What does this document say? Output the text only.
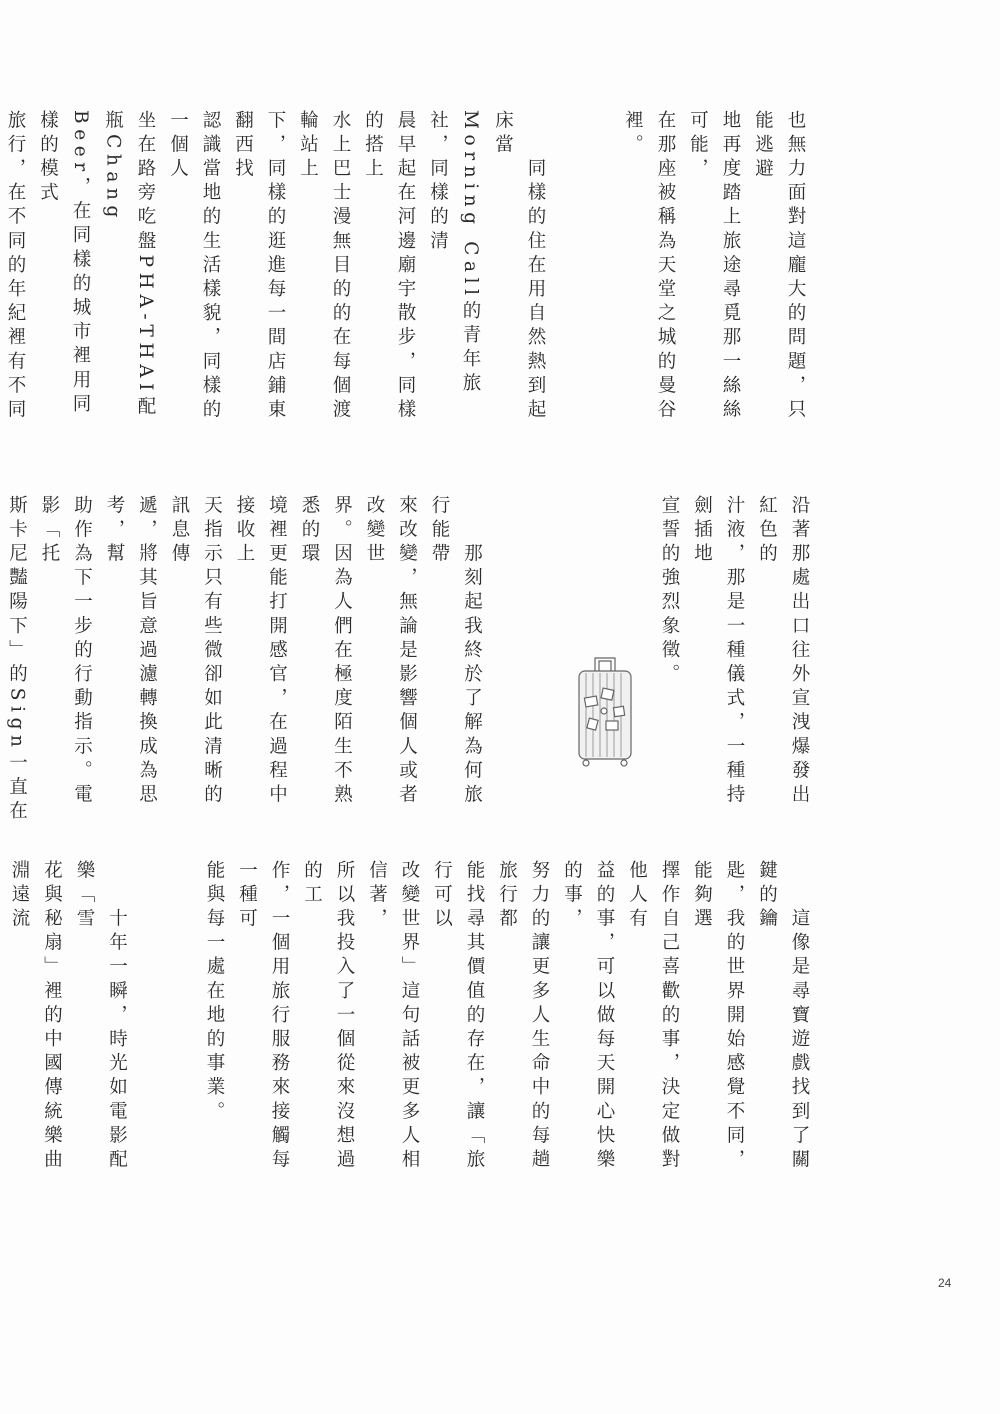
也無力面對這龐大的問題，只能逃避
地再度踏上旅途尋覓那一絲絲可能，
在那座被稱為天堂之城的曼谷裡。

　　同樣的住在用自然熱到起床當
Morning Call的青年旅社，同樣的清
晨早起在河邊廟宇散步，同樣的搭上
水上巴士漫無目的的在每個渡輪站上
下，同樣的逛進每一間店鋪東翻西找
認識當地的生活樣貌，同樣的一個人
坐在路旁吃盤PHA-THAI配瓶Chang
Beer，在同樣的城市裡用同樣的模式
旅行，在不同的年紀裡有不同

沿著那處出口往外宣洩爆發出紅色的
汁液，那是一種儀式，一種持劍插地
宣誓的強烈象徵。

　　那刻起我終於了解為何旅行能帶
來改變，無論是影響個人或者改變世
界。因為人們在極度陌生不熟悉的環
境裡更能打開感官，在過程中接收上
天指示只有些微卻如此清晰的訊息傳
遞，將其旨意過濾轉換成為思考，幫
助作為下一步的行動指示。電影「托
斯卡尼豔陽下」的Sign一直在

　　這像是尋寶遊戲找到了關鍵的鑰
匙，我的世界開始感覺不同，能夠選
擇作自己喜歡的事，決定做對他人有
益的事，可以做每天開心快樂的事，
努力的讓更多人生命中的每趟旅行都
能找尋其價值的存在，讓「旅行可以
改變世界」這句話被更多人相信著，
所以我投入了一個從來沒想過的工
作，一個用旅行服務來接觸每一種可
能與每一處在地的事業。

　　十年一瞬，時光如電影配樂「雪
花與秘扇」裡的中國傳統樂曲淵遠流

24
